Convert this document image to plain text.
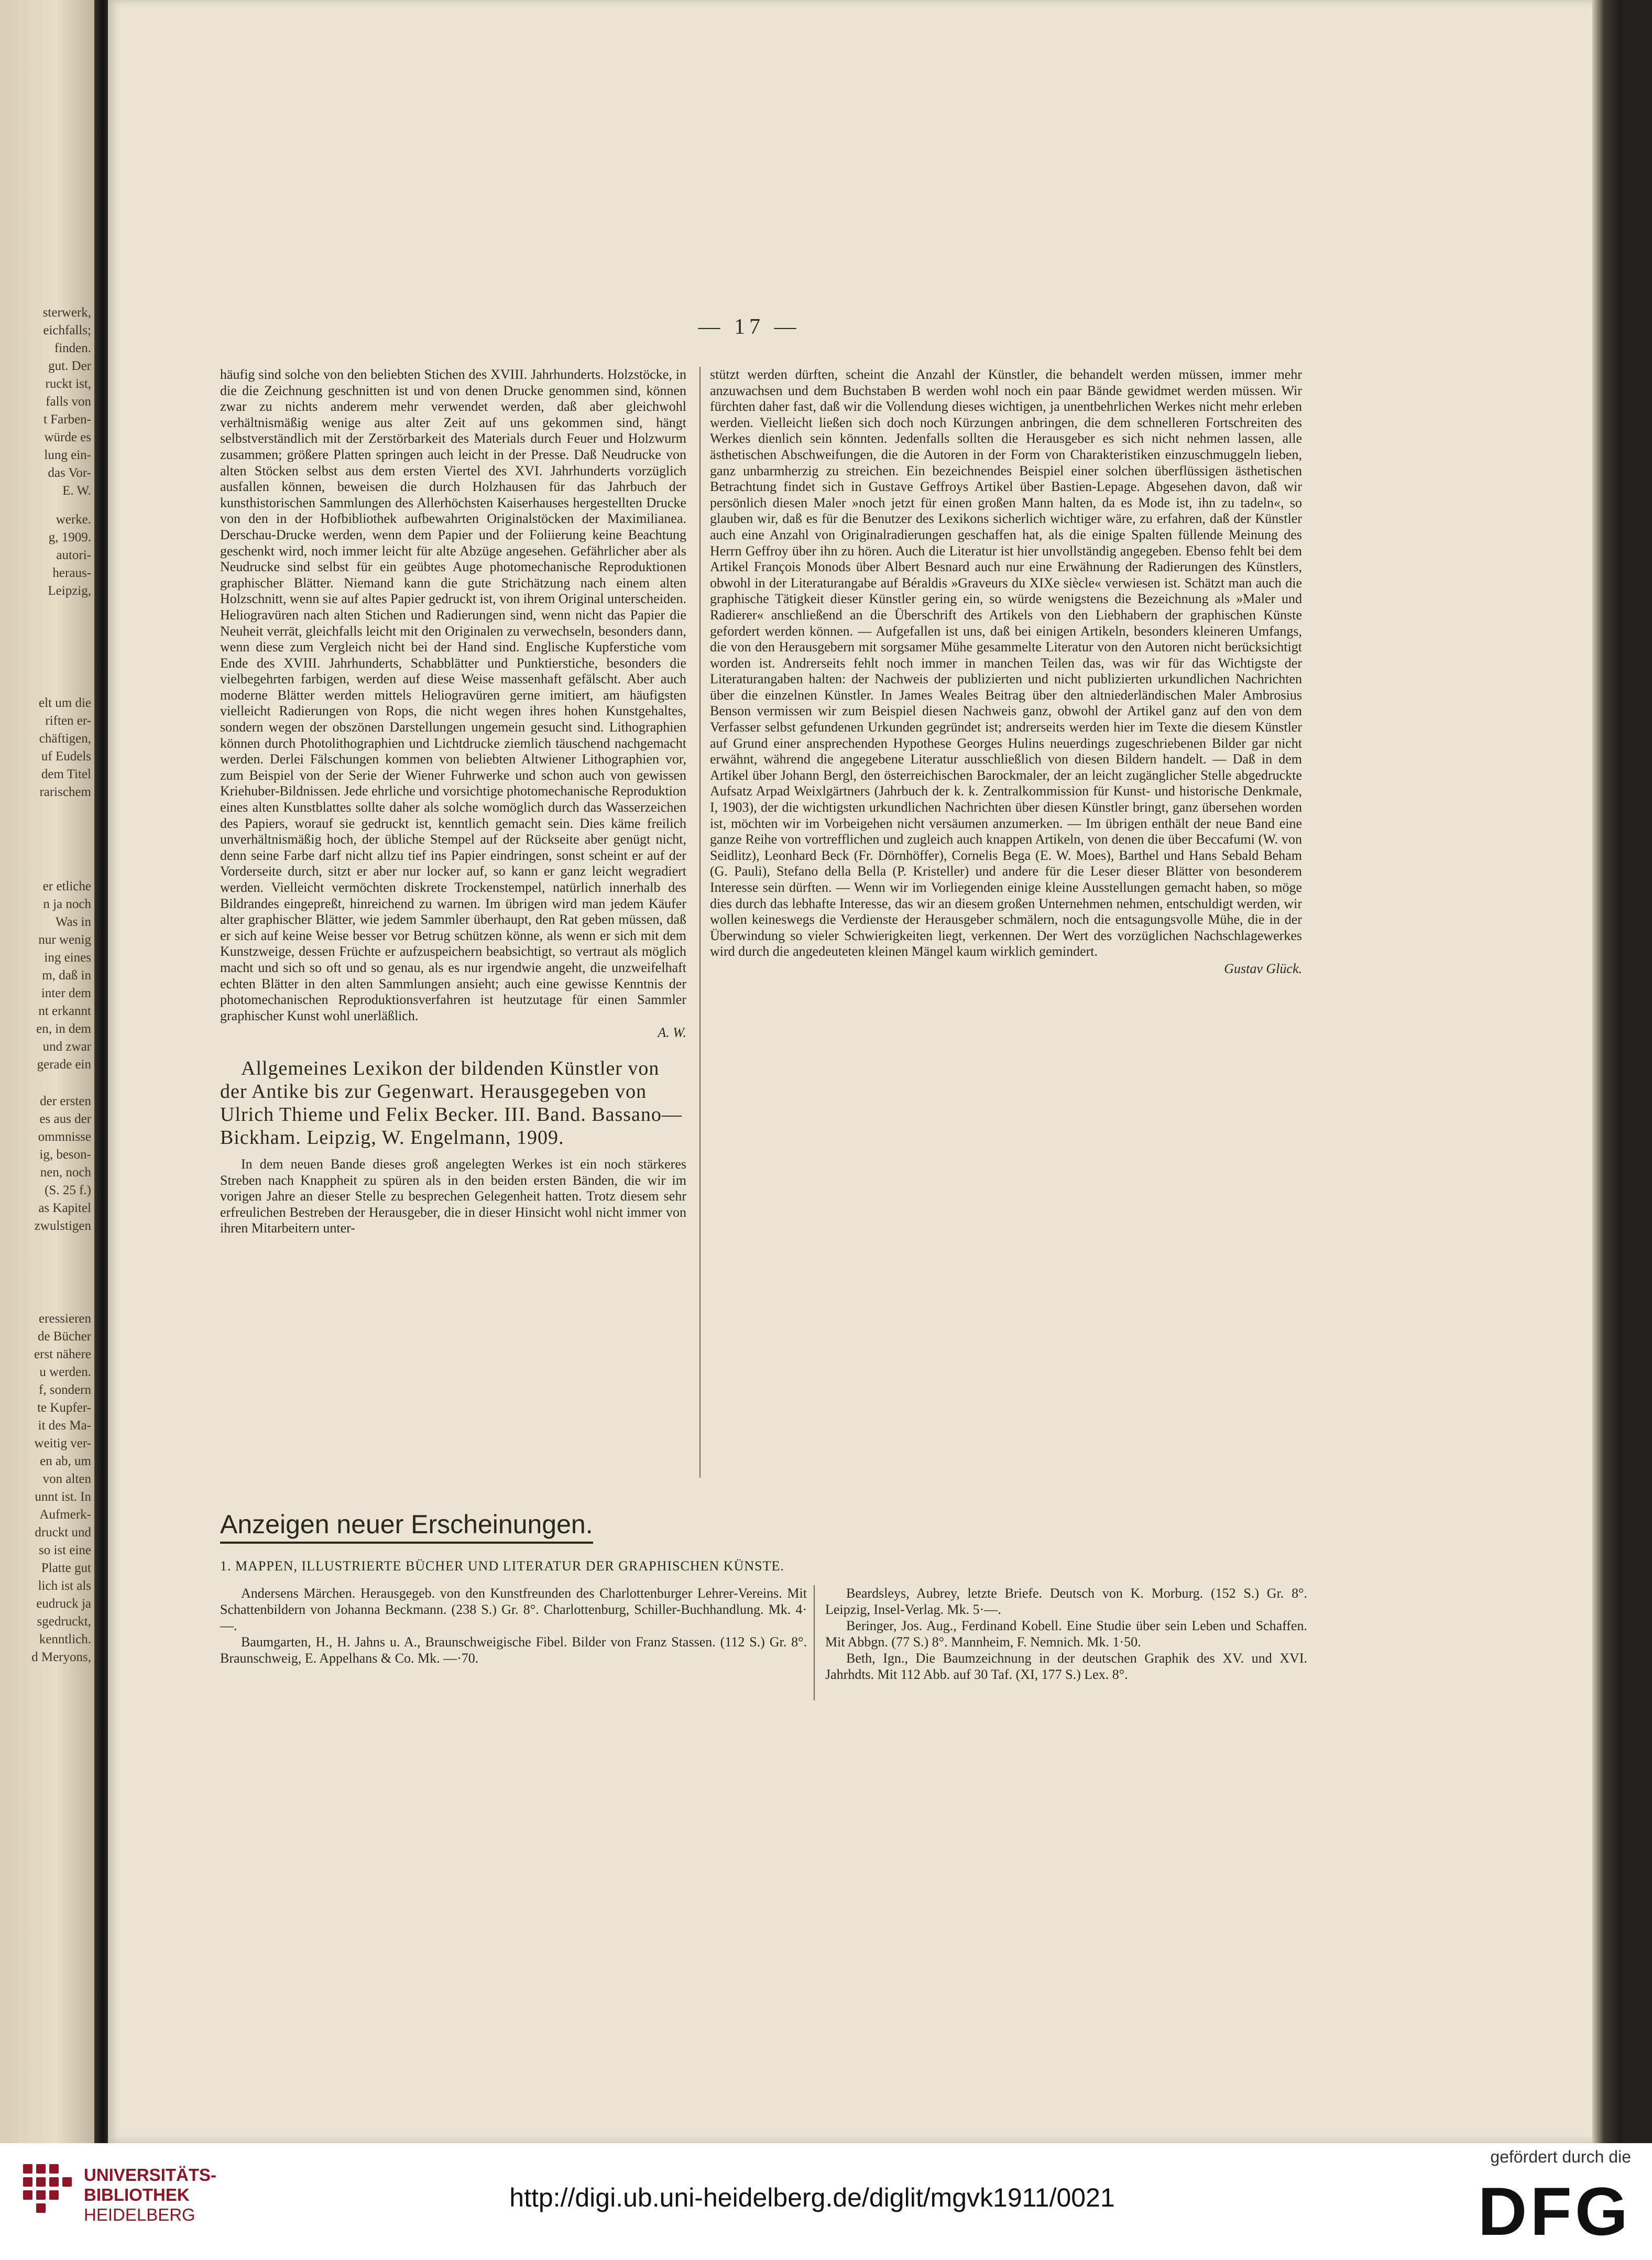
sterwerk,
eichfalls;
finden.
gut. Der
ruckt ist,
falls von
t Farben-
würde es
lung ein-
das Vor-
E. W.
werke.
g, 1909.
autori-
heraus-
Leipzig,
elt um die
riften er-
chäftigen,
uf Eudels
dem Titel
rarischem
er etliche
n ja noch
Was in
nur wenig
ing eines
m, daß in
inter dem
nt erkannt
en, in dem
und zwar
gerade ein
der ersten
es aus der
ommnisse
ig, beson-
nen, noch
(S. 25 f.)
as Kapitel
zwulstigen
eressieren
de Bücher
erst nähere
u werden.
f, sondern
te Kupfer-
it des Ma-
weitig ver-
en ab, um
von alten
unnt ist. In
Aufmerk-
druckt und
so ist eine
Platte gut
lich ist als
eudruck ja
sgedruckt,
kenntlich.
d Meryons,
— 17 —

häufig sind solche von den beliebten Stichen des XVIII. Jahrhunderts. Holzstöcke, in die die Zeichnung geschnitten ist und von denen Drucke genommen sind, können zwar zu nichts anderem mehr verwendet werden, daß aber gleichwohl verhältnismäßig wenige aus alter Zeit auf uns gekommen sind, hängt selbstverständlich mit der Zerstörbarkeit des Materials durch Feuer und Holzwurm zusammen; größere Platten springen auch leicht in der Presse. Daß Neudrucke von alten Stöcken selbst aus dem ersten Viertel des XVI. Jahrhunderts vorzüglich ausfallen können, beweisen die durch Holzhausen für das Jahrbuch der kunsthistorischen Sammlungen des Allerhöchsten Kaiserhauses hergestellten Drucke von den in der Hofbibliothek aufbewahrten Originalstöcken der Maximilianea. Derschau-Drucke werden, wenn dem Papier und der Foliierung keine Beachtung geschenkt wird, noch immer leicht für alte Abzüge angesehen. Gefährlicher aber als Neudrucke sind selbst für ein geübtes Auge photomechanische Reproduktionen graphischer Blätter. Niemand kann die gute Strichätzung nach einem alten Holzschnitt, wenn sie auf altes Papier gedruckt ist, von ihrem Original unterscheiden. Heliogravüren nach alten Stichen und Radierungen sind, wenn nicht das Papier die Neuheit verrät, gleichfalls leicht mit den Originalen zu verwechseln, besonders dann, wenn diese zum Vergleich nicht bei der Hand sind. Englische Kupferstiche vom Ende des XVIII. Jahrhunderts, Schabblätter und Punktierstiche, besonders die vielbegehrten farbigen, werden auf diese Weise massenhaft gefälscht. Aber auch moderne Blätter werden mittels Heliogravüren gerne imitiert, am häufigsten vielleicht Radierungen von Rops, die nicht wegen ihres hohen Kunstgehaltes, sondern wegen der obszönen Darstellungen ungemein gesucht sind. Lithographien können durch Photolithographien und Lichtdrucke ziemlich täuschend nachgemacht werden. Derlei Fälschungen kommen von beliebten Altwiener Lithographien vor, zum Beispiel von der Serie der Wiener Fuhrwerke und schon auch von gewissen Kriehuber-Bildnissen. Jede ehrliche und vorsichtige photomechanische Reproduktion eines alten Kunstblattes sollte daher als solche womöglich durch das Wasserzeichen des Papiers, worauf sie gedruckt ist, kenntlich gemacht sein. Dies käme freilich unverhältnismäßig hoch, der übliche Stempel auf der Rückseite aber genügt nicht, denn seine Farbe darf nicht allzu tief ins Papier eindringen, sonst scheint er auf der Vorderseite durch, sitzt er aber nur locker auf, so kann er ganz leicht wegradiert werden. Vielleicht vermöchten diskrete Trockenstempel, natürlich innerhalb des Bildrandes eingepreßt, hinreichend zu warnen. Im übrigen wird man jedem Käufer alter graphischer Blätter, wie jedem Sammler überhaupt, den Rat geben müssen, daß er sich auf keine Weise besser vor Betrug schützen könne, als wenn er sich mit dem Kunstzweige, dessen Früchte er aufzuspeichern beabsichtigt, so vertraut als möglich macht und sich so oft und so genau, als es nur irgendwie angeht, die unzweifelhaft echten Blätter in den alten Sammlungen ansieht; auch eine gewisse Kenntnis der photomechanischen Reproduktionsverfahren ist heutzutage für einen Sammler graphischer Kunst wohl unerläßlich.

A. W.
Allgemeines Lexikon der bildenden Künstler von der Antike bis zur Gegenwart. Herausgegeben von Ulrich Thieme und Felix Becker. III. Band. Bassano—Bickham. Leipzig, W. Engelmann, 1909.

In dem neuen Bande dieses groß angelegten Werkes ist ein noch stärkeres Streben nach Knappheit zu spüren als in den beiden ersten Bänden, die wir im vorigen Jahre an dieser Stelle zu besprechen Gelegenheit hatten. Trotz diesem sehr erfreulichen Bestreben der Herausgeber, die in dieser Hinsicht wohl nicht immer von ihren Mitarbeitern unter-

stützt werden dürften, scheint die Anzahl der Künstler, die behandelt werden müssen, immer mehr anzuwachsen und dem Buchstaben B werden wohl noch ein paar Bände gewidmet werden müssen. Wir fürchten daher fast, daß wir die Vollendung dieses wichtigen, ja unentbehrlichen Werkes nicht mehr erleben werden. Vielleicht ließen sich doch noch Kürzungen anbringen, die dem schnelleren Fortschreiten des Werkes dienlich sein könnten. Jedenfalls sollten die Herausgeber es sich nicht nehmen lassen, alle ästhetischen Abschweifungen, die die Autoren in der Form von Charakteristiken einzuschmuggeln lieben, ganz unbarmherzig zu streichen. Ein bezeichnendes Beispiel einer solchen überflüssigen ästhetischen Betrachtung findet sich in Gustave Geffroys Artikel über Bastien-Lepage. Abgesehen davon, daß wir persönlich diesen Maler »noch jetzt für einen großen Mann halten, da es Mode ist, ihn zu tadeln«, so glauben wir, daß es für die Benutzer des Lexikons sicherlich wichtiger wäre, zu erfahren, daß der Künstler auch eine Anzahl von Originalradierungen geschaffen hat, als die einige Spalten füllende Meinung des Herrn Geffroy über ihn zu hören. Auch die Literatur ist hier unvollständig angegeben. Ebenso fehlt bei dem Artikel François Monods über Albert Besnard auch nur eine Erwähnung der Radierungen des Künstlers, obwohl in der Literaturangabe auf Béraldis »Graveurs du XIXe siècle« verwiesen ist. Schätzt man auch die graphische Tätigkeit dieser Künstler gering ein, so würde wenigstens die Bezeichnung als »Maler und Radierer« anschließend an die Überschrift des Artikels von den Liebhabern der graphischen Künste gefordert werden können. — Aufgefallen ist uns, daß bei einigen Artikeln, besonders kleineren Umfangs, die von den Herausgebern mit sorgsamer Mühe gesammelte Literatur von den Autoren nicht berücksichtigt worden ist. Andrerseits fehlt noch immer in manchen Teilen das, was wir für das Wichtigste der Literaturangaben halten: der Nachweis der publizierten und nicht publizierten urkundlichen Nachrichten über die einzelnen Künstler. In James Weales Beitrag über den altniederländischen Maler Ambrosius Benson vermissen wir zum Beispiel diesen Nachweis ganz, obwohl der Artikel ganz auf den von dem Verfasser selbst gefundenen Urkunden gegründet ist; andrerseits werden hier im Texte die diesem Künstler auf Grund einer ansprechenden Hypothese Georges Hulins neuerdings zugeschriebenen Bilder gar nicht erwähnt, während die angegebene Literatur ausschließlich von diesen Bildern handelt. — Daß in dem Artikel über Johann Bergl, den österreichischen Barockmaler, der an leicht zugänglicher Stelle abgedruckte Aufsatz Arpad Weixlgärtners (Jahrbuch der k. k. Zentralkommission für Kunst- und historische Denkmale, I, 1903), der die wichtigsten urkundlichen Nachrichten über diesen Künstler bringt, ganz übersehen worden ist, möchten wir im Vorbeigehen nicht versäumen anzumerken. — Im übrigen enthält der neue Band eine ganze Reihe von vortrefflichen und zugleich auch knappen Artikeln, von denen die über Beccafumi (W. von Seidlitz), Leonhard Beck (Fr. Dörnhöffer), Cornelis Bega (E. W. Moes), Barthel und Hans Sebald Beham (G. Pauli), Stefano della Bella (P. Kristeller) und andere für die Leser dieser Blätter von besonderem Interesse sein dürften. — Wenn wir im Vorliegenden einige kleine Ausstellungen gemacht haben, so möge dies durch das lebhafte Interesse, das wir an diesem großen Unternehmen nehmen, entschuldigt werden, wir wollen keineswegs die Verdienste der Herausgeber schmälern, noch die entsagungsvolle Mühe, die in der Überwindung so vieler Schwierigkeiten liegt, verkennen. Der Wert des vorzüglichen Nachschlagewerkes wird durch die angedeuteten kleinen Mängel kaum wirklich gemindert.

Gustav Glück.
Anzeigen neuer Erscheinungen.
1. MAPPEN, ILLUSTRIERTE BÜCHER UND LITERATUR DER GRAPHISCHEN KÜNSTE.

Andersens Märchen. Herausgegeb. von den Kunstfreunden des Charlottenburger Lehrer-Vereins. Mit Schattenbildern von Johanna Beckmann. (238 S.) Gr. 8°. Charlottenburg, Schiller-Buchhandlung. Mk. 4·—.

Baumgarten, H., H. Jahns u. A., Braunschweigische Fibel. Bilder von Franz Stassen. (112 S.) Gr. 8°. Braunschweig, E. Appelhans & Co. Mk. —·70.

Beardsleys, Aubrey, letzte Briefe. Deutsch von K. Morburg. (152 S.) Gr. 8°. Leipzig, Insel-Verlag. Mk. 5·—.

Beringer, Jos. Aug., Ferdinand Kobell. Eine Studie über sein Leben und Schaffen. Mit Abbgn. (77 S.) 8°. Mannheim, F. Nemnich. Mk. 1·50.

Beth, Ign., Die Baumzeichnung in der deutschen Graphik des XV. und XVI. Jahrhdts. Mit 112 Abb. auf 30 Taf. (XI, 177 S.) Lex. 8°.

UNIVERSITÄTS-
BIBLIOTHEK
HEIDELBERG
http://digi.ub.uni-heidelberg.de/diglit/mgvk1911/0021
gefördert durch die
DFG
